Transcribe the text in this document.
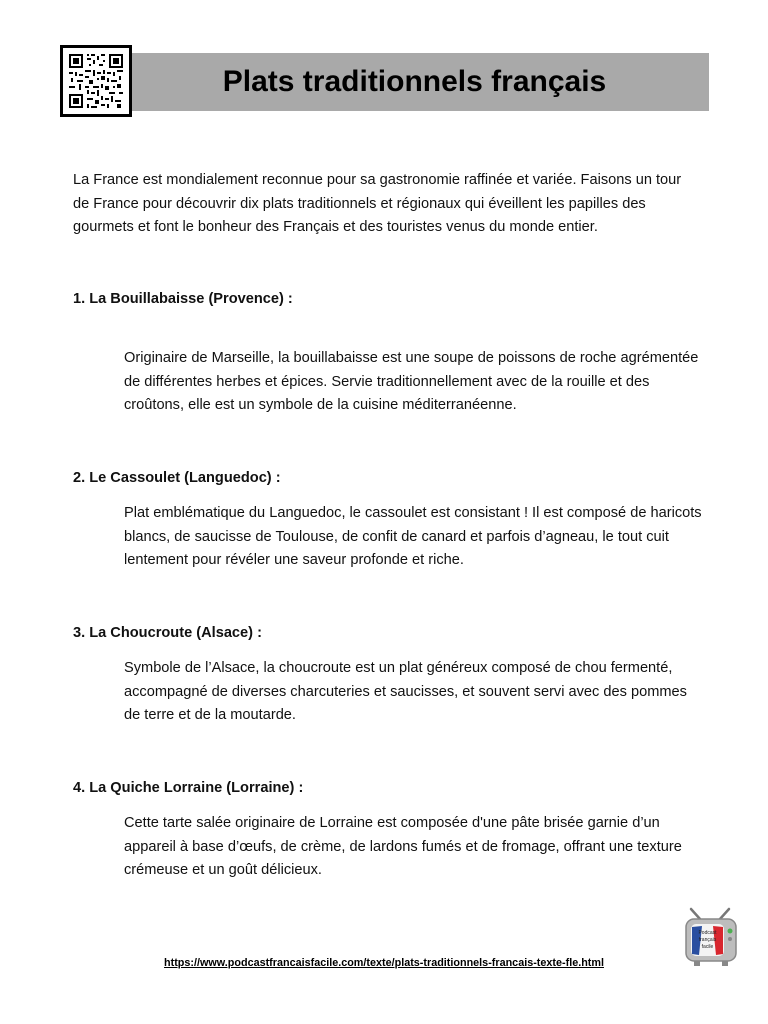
Plats traditionnels français

La France est mondialement reconnue pour sa gastronomie raffinée et variée. Faisons un tour de France pour découvrir dix plats traditionnels et régionaux qui éveillent les papilles des gourmets et font le bonheur des Français et des touristes venus du monde entier.

1. La Bouillabaisse (Provence) :

Originaire de Marseille, la bouillabaisse est une soupe de poissons de roche agrémentée de différentes herbes et épices. Servie traditionnellement avec de la rouille et des croûtons, elle est un symbole de la cuisine méditerranéenne.

2. Le Cassoulet (Languedoc) :

Plat emblématique du Languedoc, le cassoulet est consistant ! Il est composé de haricots blancs, de saucisse de Toulouse, de confit de canard et parfois d’agneau, le tout cuit lentement pour révéler une saveur profonde et riche.

3. La Choucroute (Alsace) :

Symbole de l’Alsace, la choucroute est un plat généreux composé de chou fermenté, accompagné de diverses charcuteries et saucisses, et souvent servi avec des pommes de terre et de la moutarde.

4. La Quiche Lorraine (Lorraine) :

Cette tarte salée originaire de Lorraine est composée d'une pâte brisée garnie d’un appareil à base d’œufs, de crème, de lardons fumés et de fromage, offrant une texture crémeuse et un goût délicieux.

Podcast
français
facile
https://www.podcastfrancaisfacile.com/texte/plats-traditionnels-francais-texte-fle.html
